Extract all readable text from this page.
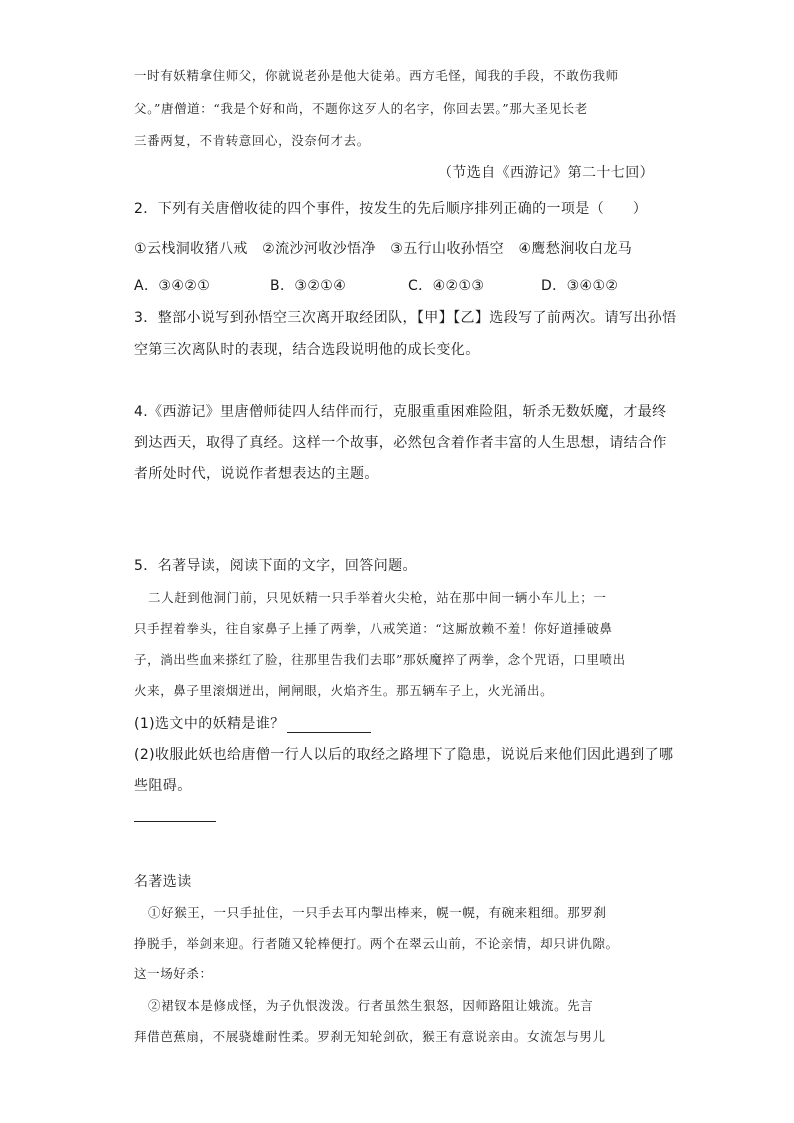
一时有妖精拿住师父，你就说老孙是他大徒弟。西方毛怪，闻我的手段，不敢伤我师
父。”唐僧道：“我是个好和尚，不题你这歹人的名字，你回去罢。”那大圣见长老
三番两复，不肯转意回心，没奈何才去。
（节选自《西游记》第二十七回）
2．下列有关唐僧收徒的四个事件，按发生的先后顺序排列正确的一项是（　　）
①云栈洞收猪八戒　②流沙河收沙悟净　③五行山收孙悟空　④鹰愁涧收白龙马
A．③④②①	B．③②①④	C．④②①③	D．③④①②
3．整部小说写到孙悟空三次离开取经团队，【甲】【乙】选段写了前两次。请写出孙悟
空第三次离队时的表现，结合选段说明他的成长变化。
4.《西游记》里唐僧师徒四人结伴而行，克服重重困难险阻，斩杀无数妖魔，才最终
到达西天，取得了真经。这样一个故事，必然包含着作者丰富的人生思想，请结合作
者所处时代，说说作者想表达的主题。
5．名著导读，阅读下面的文字，回答问题。
二人赶到他洞门前，只见妖精一只手举着火尖枪，站在那中间一辆小车儿上；一
只手捏着拳头，往自家鼻子上捶了两拳，八戒笑道：“这厮放赖不羞！你好道捶破鼻
子，淌出些血来搽红了脸，往那里告我们去耶”那妖魔捽了两拳，念个咒语，口里喷出
火来，鼻子里滚烟迸出，闸闸眼，火焰齐生。那五辆车子上，火光涌出。
(1)选文中的妖精是谁？
(2)收服此妖也给唐僧一行人以后的取经之路埋下了隐患，说说后来他们因此遇到了哪
些阻碍。
名著选读
①好猴王，一只手扯住，一只手去耳内掣出棒来，幌一幌，有碗来粗细。那罗刹
挣脱手，举剑来迎。行者随又轮棒便打。两个在翠云山前，不论亲情，却只讲仇隙。
这一场好杀：
②裙钗本是修成怪，为子仇恨泼泼。行者虽然生狠怒，因师路阻让娥流。先言
拜借芭蕉扇，不展骁雄耐性柔。罗刹无知轮剑砍，猴王有意说亲由。女流怎与男儿
